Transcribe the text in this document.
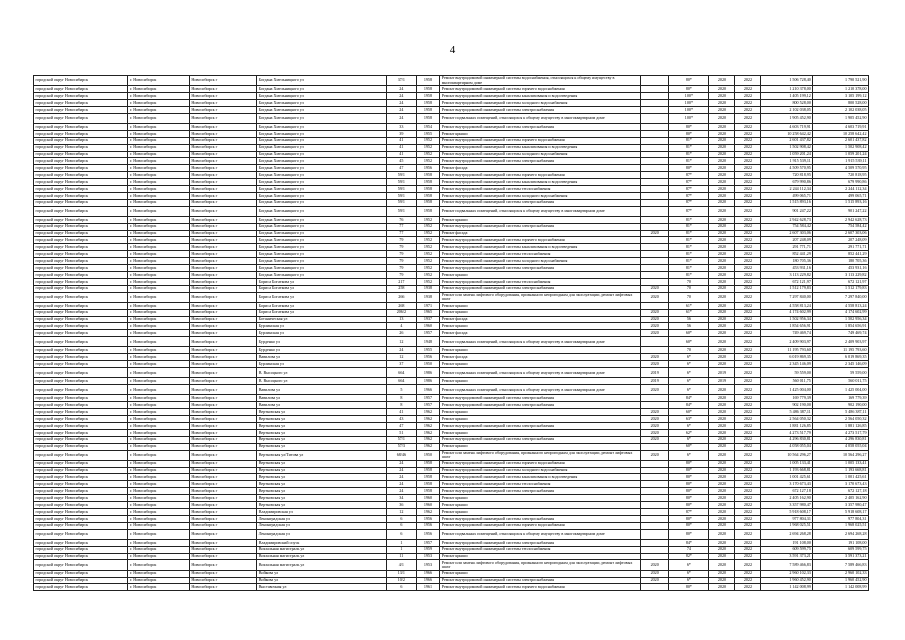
4
городской округ Новосибирск	г. Новосибирск	Новосибирск г	Богдана Хмельницкого ул	37/1	1958	Ремонт внутридомовой инженерной системы водоснабжения, относящихся к общему имуществу в многоквартирном доме		80*	2020	2022	1 506 728,40	1 790 521,90
городской округ Новосибирск	г. Новосибирск	Новосибирск г	Богдана Хмельницкого ул	24	1958	Ремонт внутридомовой инженерной системы горячего водоснабжения		80*	2020	2022	1 210 378,00	1 210 378,00
городской округ Новосибирск	г. Новосибирск	Новосибирск г	Богдана Хмельницкого ул	24	1958	Ремонт внутридомовой инженерной системы канализования и водоотведения		100*	2020	2022	1 405 199,12	3 105 199,12
городской округ Новосибирск	г. Новосибирск	Новосибирск г	Богдана Хмельницкого ул	24	1958	Ремонт внутридомовой инженерной системы холодного водоснабжения		100*	2020	2022	800 528,00	800 528,00
городской округ Новосибирск	г. Новосибирск	Новосибирск г	Богдана Хмельницкого ул	24	1958	Ремонт внутридомовой инженерной системы электроснабжения		100*	2020	2022	2 102 038,05	2 102 038,05
городской округ Новосибирск	г. Новосибирск	Новосибирск г	Богдана Хмельницкого ул	24	1958	Ремонт подвальных помещений, относящихся к общему имуществу в многоквартирном доме		100*	2020	2022	1 905 452,90	1 905 452,90
городской округ Новосибирск	г. Новосибирск	Новосибирск г	Богдана Хмельницкого ул	33	1954	Ремонт внутридомовой инженерной системы электроснабжения		80*	2020	2022	4 603 719,91	4 603 719,91
городской округ Новосибирск	г. Новосибирск	Новосибирск г	Богдана Хмельницкого ул	39	1955	Ремонт крыши		80*	2020	2022	10 258 642,42	10 258 642,42
городской округ Новосибирск	г. Новосибирск	Новосибирск г	Богдана Хмельницкого ул	41	1952	Ремонт внутридомовой инженерной системы горячего водоснабжения		81*	2020	2022	2 601 437,82	2 601 437,82
городской округ Новосибирск	г. Новосибирск	Новосибирск г	Богдана Хмельницкого ул	41	1952	Ремонт внутридомовой инженерной системы канализования и водоотведения		81*	2020	2022	1 502 908,42	1 502 908,42
городской округ Новосибирск	г. Новосибирск	Новосибирск г	Богдана Хмельницкого ул	41	1952	Ремонт внутридомовой инженерной системы холодного водоснабжения		81*	2020	2022	1 059 201,24	1 059 201,24
городской округ Новосибирск	г. Новосибирск	Новосибирск г	Богдана Хмельницкого ул	45	1952	Ремонт внутридомовой инженерной системы электроснабжения		81*	2020	2022	1 915 539,11	1 915 539,11
городской округ Новосибирск	г. Новосибирск	Новосибирск г	Богдана Хмельницкого ул	47	1956	Ремонт фасада		80*	2020	2022	4 509 570,95	4 509 570,95
городской округ Новосибирск	г. Новосибирск	Новосибирск г	Богдана Хмельницкого ул	59/1	1958	Ремонт внутридомовой инженерной системы горячего водоснабжения		87*	2020	2022	720 818,95	720 818,95
городской округ Новосибирск	г. Новосибирск	Новосибирск г	Богдана Хмельницкого ул	59/1	1958	Ремонт внутридомовой инженерной системы канализования и водоотведения		87*	2020	2022	679 990,86	679 990,86
городской округ Новосибирск	г. Новосибирск	Новосибирск г	Богдана Хмельницкого ул	59/1	1958	Ремонт внутридомовой инженерной системы теплоснабжения		87*	2020	2022	2 244 112,34	2 244 112,34
городской округ Новосибирск	г. Новосибирск	Новосибирск г	Богдана Хмельницкого ул	59/1	1958	Ремонт внутридомовой инженерной системы холодного водоснабжения		87*	2020	2022	499 065,71	499 065,71
городской округ Новосибирск	г. Новосибирск	Новосибирск г	Богдана Хмельницкого ул	59/1	1958	Ремонт внутридомовой инженерной системы электроснабжения		87*	2020	2022	1 515 893,16	1 515 893,16
городской округ Новосибирск	г. Новосибирск	Новосибирск г	Богдана Хмельницкого ул	59/1	1958	Ремонт подвальных помещений, относящихся к общему имуществу в многоквартирном доме		87*	2020	2022	901 247,22	901 247,22
городской округ Новосибирск	г. Новосибирск	Новосибирск г	Богдана Хмельницкого ул	76	1952	Ремонт крыши		81*	2020	2022	2 942 628,73	2 942 628,73
городской округ Новосибирск	г. Новосибирск	Новосибирск г	Богдана Хмельницкого ул	77	1952	Ремонт внутридомовой инженерной системы электроснабжения		81*	2020	2022	754 584,42	754 584,42
городской округ Новосибирск	г. Новосибирск	Новосибирск г	Богдана Хмельницкого ул	77	1952	Ремонт фасада	2020	81*	2020	2022	2 607 303,06	2 607 303,06
городской округ Новосибирск	г. Новосибирск	Новосибирск г	Богдана Хмельницкого ул	79	1952	Ремонт внутридомовой инженерной системы горячего водоснабжения		81*	2020	2022	207 248,09	207 248,09
городской округ Новосибирск	г. Новосибирск	Новосибирск г	Богдана Хмельницкого ул	79	1952	Ремонт внутридомовой инженерной системы канализования и водоотведения		81*	2020	2022	291 771,71	291 771,71
городской округ Новосибирск	г. Новосибирск	Новосибирск г	Богдана Хмельницкого ул	79	1952	Ремонт внутридомовой инженерной системы теплоснабжения		81*	2020	2022	852 441,29	852 441,29
городской округ Новосибирск	г. Новосибирск	Новосибирск г	Богдана Хмельницкого ул	79	1952	Ремонт внутридомовой инженерной системы холодного водоснабжения		81*	2020	2022	180 705,36	180 705,36
городской округ Новосибирск	г. Новосибирск	Новосибирск г	Богдана Хмельницкого ул	79	1952	Ремонт внутридомовой инженерной системы электроснабжения		81*	2020	2022	453 931,16	453 931,16
городской округ Новосибирск	г. Новосибирск	Новосибирск г	Богдана Хмельницкого ул	79	1952	Ремонт крыши		81*	2020	2022	3 113 229,82	3 113 229,82
городской округ Новосибирск	г. Новосибирск	Новосибирск г	Бориса Богаткова ул	217	1952	Ремонт внутридомовой инженерной системы теплоснабжения		70	2020	2022	672 121,97	672 121,97
городской округ Новосибирск	г. Новосибирск	Новосибирск г	Бориса Богаткова ул	258	1938	Ремонт внутридомовой инженерной системы электроснабжения	2020	70	2020	2022	1 512 179,83	1 512 179,83
городской округ Новосибирск	г. Новосибирск	Новосибирск г	Бориса Богаткова ул	266	1938	Ремонт или замена лифтового оборудования, признанного непригодным для эксплуатации, ремонт лифтовых шахт	2020	70	2020	2022	7 297 840,00	7 297 840,00
городской округ Новосибирск	г. Новосибирск	Новосибирск г	Бориса Богаткова ул	268	1971	Ремонт крыши		61*	2020	2022	4 558 813,24	4 558 813,24
городской округ Новосибирск	г. Новосибирск	Новосибирск г	Бориса Богаткова ул	206/2	1965	Ремонт крыши	2020	61*	2020	2022	4 174 602,99	4 174 602,99
городской округ Новосибирск	г. Новосибирск	Новосибирск г	Ботаническая ул	13	1937	Ремонт фасада	2020	56	2020	2022	1 502 956,34	1 502 956,34
городской округ Новосибирск	г. Новосибирск	Новосибирск г	Бурлинская ул	4	1960	Ремонт крыши	2020	56	2020	2022	1 854 656,91	1 854 656,91
городской округ Новосибирск	г. Новосибирск	Новосибирск г	Бурлинская ул	26	1957	Ремонт фасада	2020	60*	2020	2022	749 469,74	749 469,74
городской округ Новосибирск	г. Новосибирск	Новосибирск г	Бурденко ул	12	1948	Ремонт подвальных помещений, относящихся к общему имуществу в многоквартирном доме		60*	2020	2022	2 409 903,97	2 409 903,97
городской округ Новосибирск	г. Новосибирск	Новосибирск г	Бурденко ул	24	1955	Ремонт крыши		70	2020	2022	11 195 793,60	11 195 793,60
городской округ Новосибирск	г. Новосибирск	Новосибирск г	Вавилова ул	12	1956	Ремонт фасада	2020	6*	2020	2022	6 019 869,35	6 019 869,35
городской округ Новосибирск	г. Новосибирск	Новосибирск г	Бурлинская ул	37	1950	Ремонт крыши	2020	6*	2020	2022	2 345 146,09	2 345 146,09
городской округ Новосибирск	г. Новосибирск	Новосибирск г	В. Высоцкого ул	664	1986	Ремонт подвальных помещений, относящихся к общему имуществу в многоквартирном доме	2019	6*	2019	2022	59 559,00	59 559,00
городской округ Новосибирск	г. Новосибирск	Новосибирск г	В. Высоцкого ул	664	1986	Ремонт крыши	2019	6*	2019	2022	560 011,75	560 011,75
городской округ Новосибирск	г. Новосибирск	Новосибирск г	Вавилова ул	5	1966	Ремонт подвальных помещений, относящихся к общему имуществу в многоквартирном доме	2020	6*	2020	2022	1 425 004,00	1 425 004,00
городской округ Новосибирск	г. Новосибирск	Новосибирск г	Вавилова ул	8	1957	Ремонт внутридомовой инженерной системы электроснабжения		84*	2020	2022	169 779,39	169 779,39
городской округ Новосибирск	г. Новосибирск	Новосибирск г	Вавилова ул	8	1957	Ремонт внутридомовой инженерной системы электроснабжения		84*	2020	2022	902 190,00	902 190,00
городской округ Новосибирск	г. Новосибирск	Новосибирск г	Вертковская ул	41	1962	Ремонт крыши	2020	60*	2020	2022	5 486 387,11	5 486 387,11
городской округ Новосибирск	г. Новосибирск	Новосибирск г	Вертковская ул	43	1962	Ремонт крыши	2020	63*	2020	2022	2 564 050,32	2 564 050,32
городской округ Новосибирск	г. Новосибирск	Новосибирск г	Вертковская ул	47	1962	Ремонт внутридомовой инженерной системы электроснабжения	2020	6*	2020	2022	1 881 126,85	1 881 126,85
городской округ Новосибирск	г. Новосибирск	Новосибирск г	Вертковская ул	51	1962	Ремонт крыши	2020	62*	2020	2022	4 273 517,79	4 273 517,79
городской округ Новосибирск	г. Новосибирск	Новосибирск г	Вертковская ул	57/1	1962	Ремонт внутридомовой инженерной системы электроснабжения	2020	6*	2020	2022	4 296 830,81	4 296 830,81
городской округ Новосибирск	г. Новосибирск	Новосибирск г	Вертковская ул	57/3	1962	Ремонт крыши		60*	2020	2022	4 058 055,04	4 058 055,04
городской округ Новосибирск	г. Новосибирск	Новосибирск г	Вертковская ул/Титова ул	68/46	1950	Ремонт или замена лифтового оборудования, признанного непригодным для эксплуатации, ремонт лифтовых шахт	2020	6*	2020	2022	10 564 296,27	10 564 296,27
городской округ Новосибирск	г. Новосибирск	Новосибирск г	Вертковская ул	24	1958	Ремонт внутридомовой инженерной системы горячего водоснабжения		80*	2020	2022	1 005 133,41	1 005 133,41
городской округ Новосибирск	г. Новосибирск	Новосибирск г	Вертковская ул	24	1958	Ремонт внутридомовой инженерной системы холодного водоснабжения		80*	2020	2022	1 193 668,81	1 193 668,81
городской округ Новосибирск	г. Новосибирск	Новосибирск г	Вертковская ул	24	1958	Ремонт внутридомовой инженерной системы канализования и водоотведения		80*	2020	2022	1 001 425,61	1 001 425,61
городской округ Новосибирск	г. Новосибирск	Новосибирск г	Вертковская ул	24	1958	Ремонт внутридомовой инженерной системы теплоснабжения		80*	2020	2022	3 170 673,43	3 170 673,43
городской округ Новосибирск	г. Новосибирск	Новосибирск г	Вертковская ул	24	1958	Ремонт внутридомовой инженерной системы электроснабжения		80*	2020	2022	672 127,18	672 127,18
городской округ Новосибирск	г. Новосибирск	Новосибирск г	Вертковская ул	34	1960	Ремонт крыши		80*	2020	2022	2 405 162,90	2 405 162,90
городской округ Новосибирск	г. Новосибирск	Новосибирск г	Вертковская ул	36	1960	Ремонт крыши		80*	2020	2022	3 357 980,47	3 357 980,47
городской округ Новосибирск	г. Новосибирск	Новосибирск г	Владимировская ул	12	1962	Ремонт крыши		87*	2020	2022	5 918 608,17	5 918 608,17
городской округ Новосибирск	г. Новосибирск	Новосибирск г	Ленинградская ул	6	1956	Ремонт внутридомовой инженерной системы электроснабжения		80*	2020	2022	977 804,31	977 804,31
городской округ Новосибирск	г. Новосибирск	Новосибирск г	Ленинградская ул	6	1956	Ремонт внутридомовой инженерной системы горячего водоснабжения		80*	2020	2022	1 968 025,51	1 968 025,51
городской округ Новосибирск	г. Новосибирск	Новосибирск г	Ленинградская ул	6	1956	Ремонт подвальных помещений, относящихся к общему имуществу в многоквартирном доме		80*	2020	2022	2 694 268,28	2 694 268,28
городской округ Новосибирск	г. Новосибирск	Новосибирск г	Владимировский спуск	1	1957	Ремонт внутридомовой инженерной системы электроснабжения		84*	2020	2022	191 108,00	191 108,00
городской округ Новосибирск	г. Новосибирск	Новосибирск г	Вокзальная магистраль ул	1	1959	Ремонт внутридомовой инженерной системы теплоснабжения		74	2020	2022	609 599,75	609 599,75
городской округ Новосибирск	г. Новосибирск	Новосибирск г	Вокзальная магистраль ул	11	1953	Ремонт крыши		82*	2020	2022	3 591 373,21	3 591 373,21
городской округ Новосибирск	г. Новосибирск	Новосибирск г	Вокзальная магистраль ул	4/1	1953	Ремонт или замена лифтового оборудования, признанного непригодным для эксплуатации, ремонт лифтовых шахт	2020	6*	2020	2022	7 589 466,83	7 589 466,83
городской округ Новосибирск	г. Новосибирск	Новосибирск г	Войкова ул	13/1	1966	Ремонт крыши	2020	6*	2020	2022	2 960 102,33	2 960 102,33
городской округ Новосибирск	г. Новосибирск	Новосибирск г	Войкова ул	10/2	1966	Ремонт внутридомовой инженерной системы электроснабжения	2020	6*	2020	2022	1 960 452,90	1 960 452,90
городской округ Новосибирск	г. Новосибирск	Новосибирск г	Выставочная ул	6	1961	Ремонт внутридомовой инженерной системы горячего водоснабжения		80*	2020	2022	1 142 008,99	1 142 008,99
